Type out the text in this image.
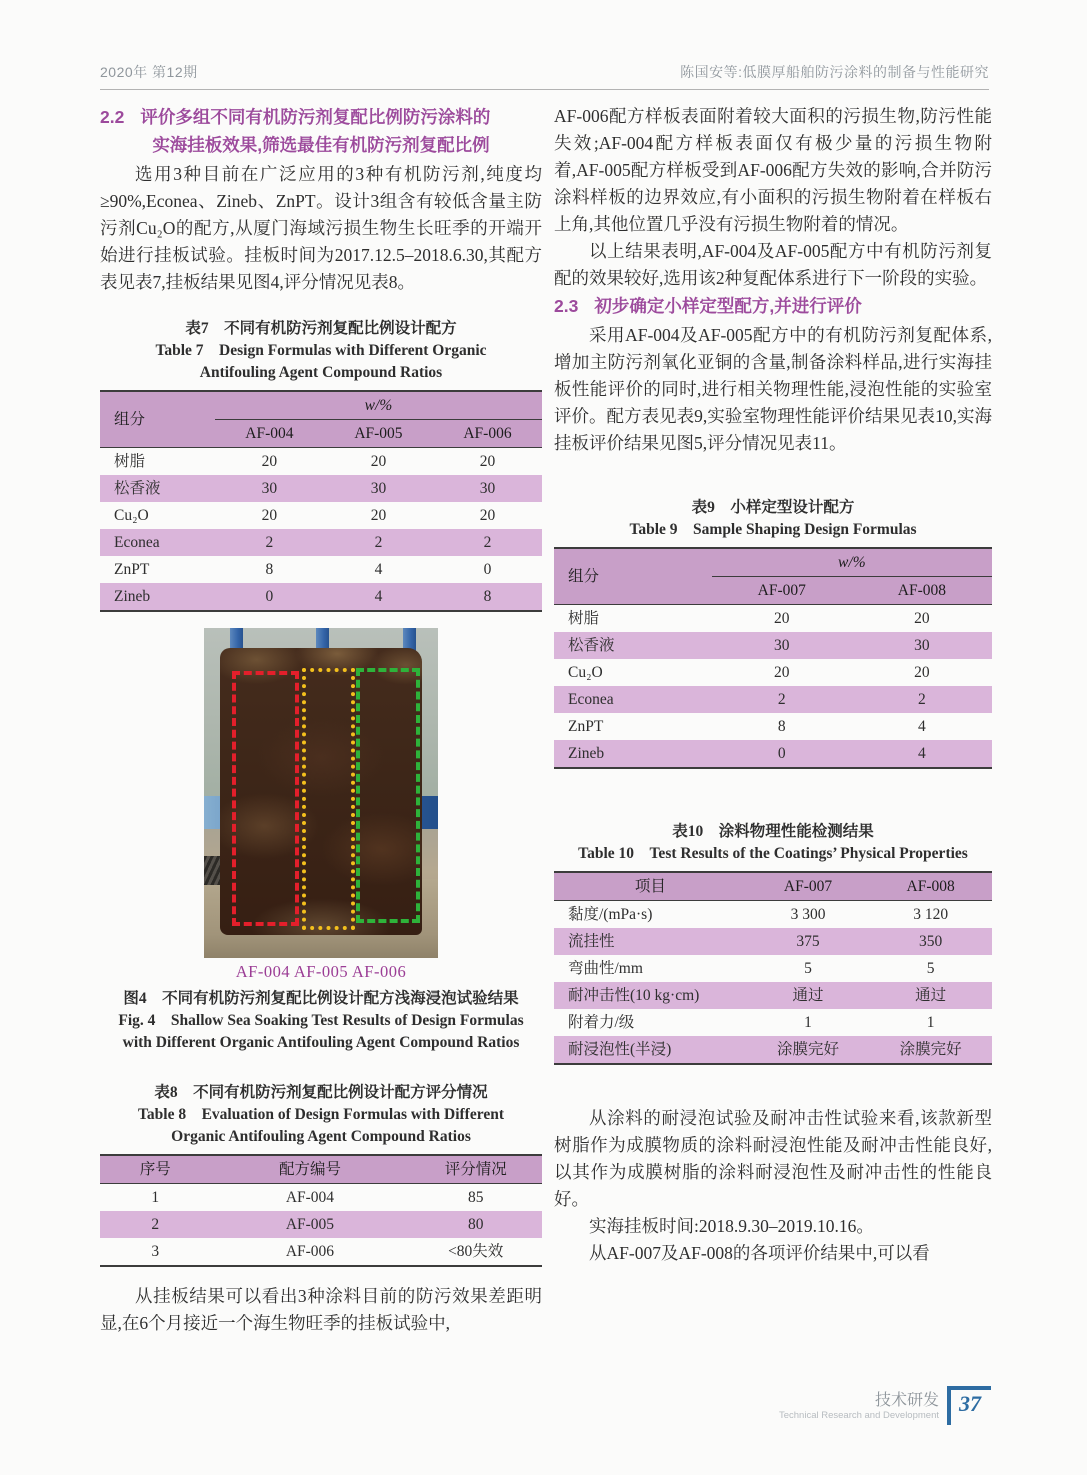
2020年 第12期	陈国安等:低膜厚船舶防污涂料的制备与性能研究
2.2 评价多组不同有机防污剂复配比例防污涂料的
实海挂板效果,筛选最佳有机防污剂复配比例

选用3种目前在广泛应用的3种有机防污剂,纯度均≥90%,Econea、Zineb、ZnPT。设计3组含有较低含量主防污剂Cu₂O的配方,从厦门海域污损生物生长旺季的开端开始进行挂板试验。挂板时间为2017.12.5–2018.6.30,其配方表见表7,挂板结果见图4,评分情况见表8。

表7　不同有机防污剂复配比例设计配方

Table 7　Design Formulas with Different Organic

Antifouling Agent Compound Ratios

组分	w/%		
	AF-004	AF-005	AF-006
树脂	20	20	20
松香液	30	30	30
Cu₂O	20	20	20
Econea	2	2	2
ZnPT	8	4	0
Zineb	0	4	8
AF-004 AF-005 AF-006

图4　不同有机防污剂复配比例设计配方浅海浸泡试验结果

Fig. 4　Shallow Sea Soaking Test Results of Design Formulas

with Different Organic Antifouling Agent Compound Ratios

表8　不同有机防污剂复配比例设计配方评分情况

Table 8　Evaluation of Design Formulas with Different

Organic Antifouling Agent Compound Ratios

序号	配方编号	评分情况
1	AF-004	85
2	AF-005	80
3	AF-006	<80失效

从挂板结果可以看出3种涂料目前的防污效果差距明显,在6个月接近一个海生物旺季的挂板试验中,

AF-006配方样板表面附着较大面积的污损生物,防污性能失效;AF-004配方样板表面仅有极少量的污损生物附着,AF-005配方样板受到AF-006配方失效的影响,合并防污涂料样板的边界效应,有小面积的污损生物附着在样板右上角,其他位置几乎没有污损生物附着的情况。

以上结果表明,AF-004及AF-005配方中有机防污剂复配的效果较好,选用该2种复配体系进行下一阶段的实验。

2.3 初步确定小样定型配方,并进行评价

采用AF-004及AF-005配方中的有机防污剂复配体系,增加主防污剂氧化亚铜的含量,制备涂料样品,进行实海挂板性能评价的同时,进行相关物理性能,浸泡性能的实验室评价。配方表见表9,实验室物理性能评价结果见表10,实海挂板评价结果见图5,评分情况见表11。

表9　小样定型设计配方

Table 9　Sample Shaping Design Formulas

组分	w/%	
	AF-007	AF-008
树脂	20	20
松香液	30	30
Cu₂O	20	20
Econea	2	2
ZnPT	8	4
Zineb	0	4

表10　涂料物理性能检测结果

Table 10　Test Results of the Coatings’ Physical Properties

项目	AF-007	AF-008
黏度/(mPa·s)	3 300	3 120
流挂性	375	350
弯曲性/mm	5	5
耐冲击性(10 kg·cm)	通过	通过
附着力/级	1	1
耐浸泡性(半浸)	涂膜完好	涂膜完好

从涂料的耐浸泡试验及耐冲击性试验来看,该款新型树脂作为成膜物质的涂料耐浸泡性能及耐冲击性能良好,以其作为成膜树脂的涂料耐浸泡性及耐冲击性的性能良好。

实海挂板时间:2018.9.30–2019.10.16。

从AF-007及AF-008的各项评价结果中,可以看

技术研发
Technical Research and Development 37
